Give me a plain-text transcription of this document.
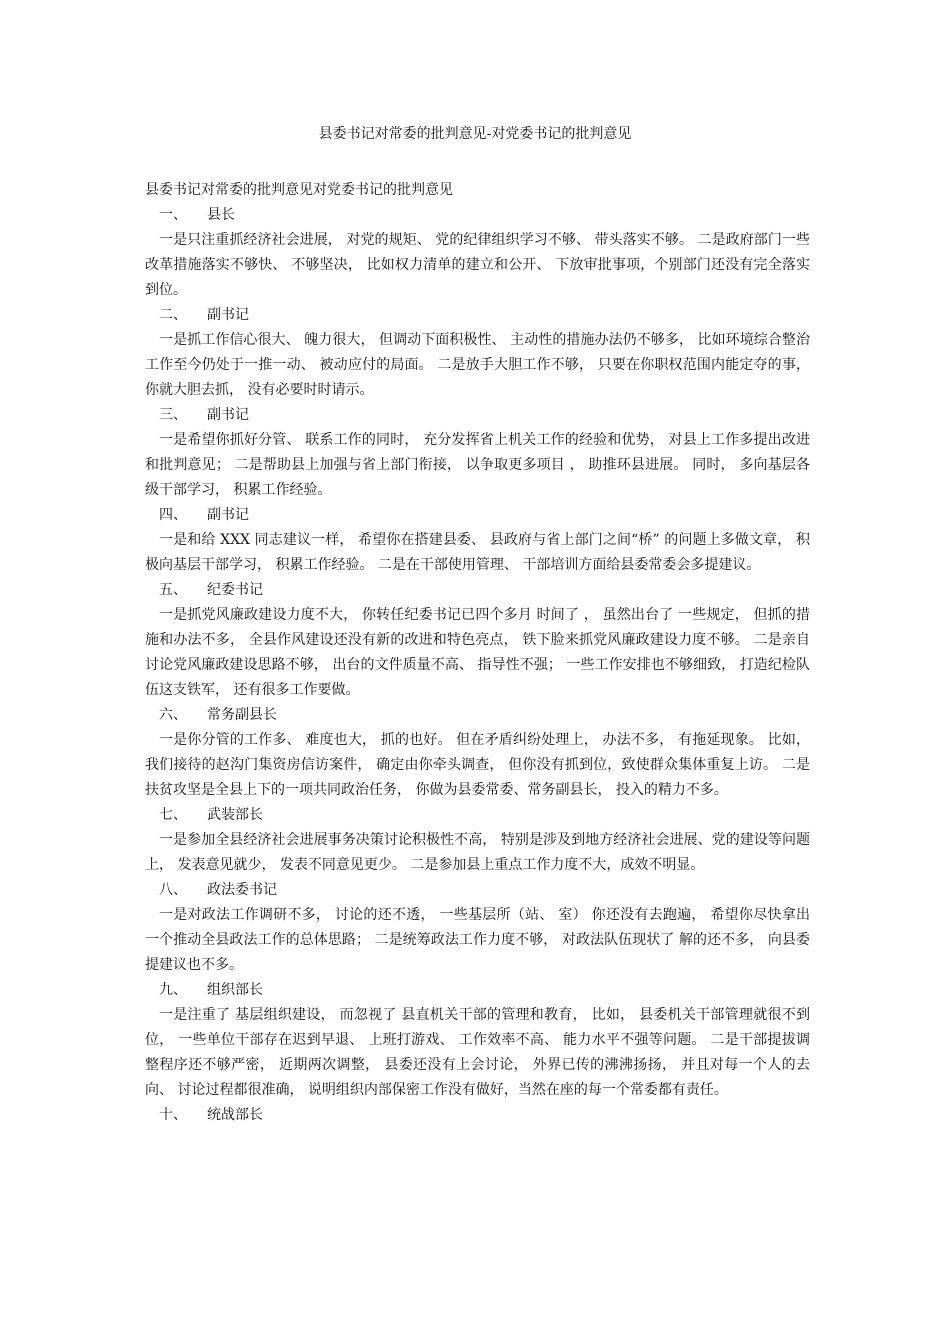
县委书记对常委的批判意见-对党委书记的批判意见

县委书记对常委的批判意见对党委书记的批判意见

一、 县长

一是只注重抓经济社会进展， 对党的规矩、 党的纪律组织学习不够、 带头落实不够。 二是政府部门一些改革措施落实不够快、 不够坚决， 比如权力清单的建立和公开、 下放审批事项，个别部门还没有完全落实到位。

二、 副书记

一是抓工作信心很大、 魄力很大， 但调动下面积极性、 主动性的措施办法仍不够多， 比如环境综合整治工作至今仍处于一推一动、 被动应付的局面。 二是放手大胆工作不够， 只要在你职权范围内能定夺的事， 你就大胆去抓， 没有必要时时请示。

三、 副书记

一是希望你抓好分管、 联系工作的同时， 充分发挥省上机关工作的经验和优势， 对县上工作多提出改进和批判意见； 二是帮助县上加强与省上部门衔接， 以争取更多项目 ， 助推环县进展。 同时， 多向基层各级干部学习， 积累工作经验。

四、 副书记

一是和给 XXX 同志建议一样， 希望你在搭建县委、 县政府与省上部门之间“桥” 的问题上多做文章， 积极向基层干部学习， 积累工作经验。 二是在干部使用管理、 干部培训方面给县委常委会多提建议。

五、 纪委书记

一是抓党风廉政建设力度不大， 你转任纪委书记已四个多月 时间了 ， 虽然出台了 一些规定， 但抓的措施和办法不多， 全县作风建设还没有新的改进和特色亮点， 铁下脸来抓党风廉政建设力度不够。 二是亲自讨论党风廉政建设思路不够， 出台的文件质量不高、 指导性不强； 一些工作安排也不够细致， 打造纪检队伍这支铁军， 还有很多工作要做。

六、 常务副县长

一是你分管的工作多、 难度也大， 抓的也好。 但在矛盾纠纷处理上， 办法不多， 有拖延现象。 比如， 我们接待的赵沟门集资房信访案件， 确定由你牵头调查， 但你没有抓到位，致使群众集体重复上访。 二是扶贫攻坚是全县上下的一项共同政治任务， 你做为县委常委、常务副县长， 投入的精力不多。

七、 武装部长

一是参加全县经济社会进展事务决策讨论积极性不高， 特别是涉及到地方经济社会进展、党的建设等问题上， 发表意见就少， 发表不同意见更少。 二是参加县上重点工作力度不大，成效不明显。

八、 政法委书记

一是对政法工作调研不多， 讨论的还不透， 一些基层所（站、 室） 你还没有去跑遍， 希望你尽快拿出一个推动全县政法工作的总体思路； 二是统筹政法工作力度不够， 对政法队伍现状了 解的还不多， 向县委提建议也不多。

九、 组织部长

一是注重了 基层组织建设， 而忽视了 县直机关干部的管理和教育， 比如， 县委机关干部管理就很不到位， 一些单位干部存在迟到早退、 上班打游戏、 工作效率不高、 能力水平不强等问题。 二是干部提拔调整程序还不够严密， 近期两次调整， 县委还没有上会讨论， 外界已传的沸沸扬扬， 并且对每一个人的去向、 讨论过程都很准确， 说明组织内部保密工作没有做好，当然在座的每一个常委都有责任。

十、 统战部长
